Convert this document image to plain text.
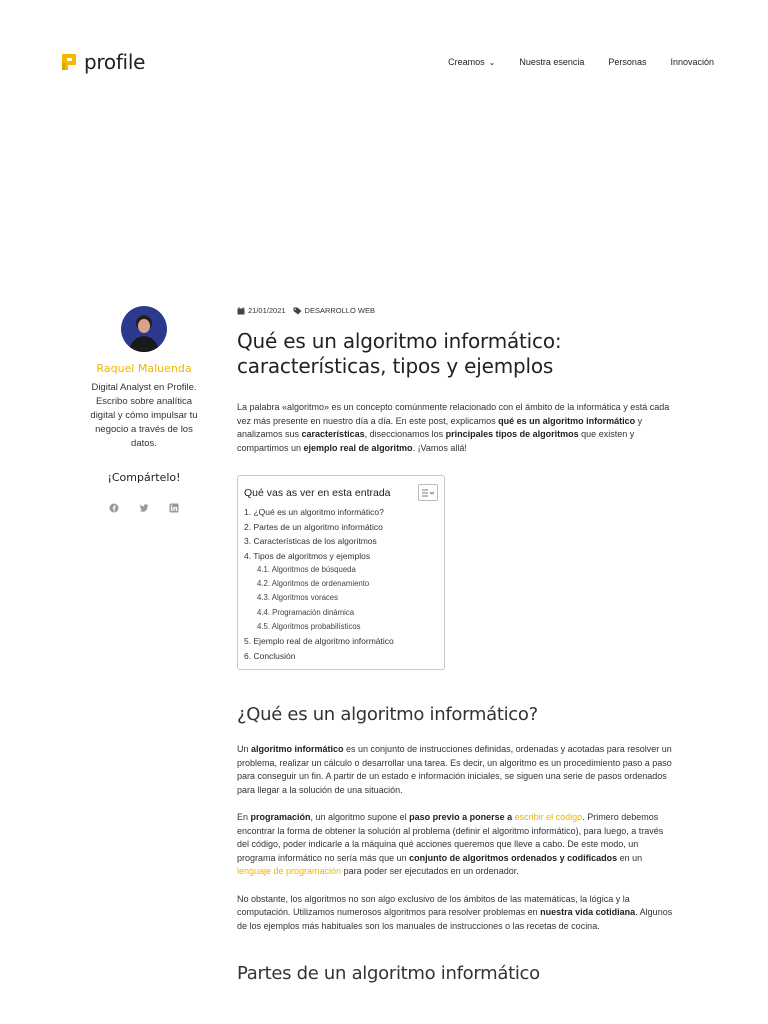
profile	Creamos ⌄	Nuestra esencia	Personas	Innovación
Raquel Maluenda
Digital Analyst en Profile. Escribo sobre analítica digital y cómo impulsar tu negocio a través de los datos.
¡Compártelo!
21/01/2021	DESARROLLO WEB
Qué es un algoritmo informático: características, tipos y ejemplos

La palabra «algoritmo» es un concepto comúnmente relacionado con el ámbito de la informática y está cada vez más presente en nuestro día a día. En este post, explicamos qué es un algoritmo informático y analizamos sus características, diseccionamos los principales tipos de algoritmos que existen y compartimos un ejemplo real de algoritmo. ¡Vamos allá!

Qué vas as ver en esta entrada
1. ¿Qué es un algoritmo informático?
2. Partes de un algoritmo informático
3. Características de los algoritmos
4. Tipos de algoritmos y ejemplos
4.1. Algoritmos de búsqueda
4.2. Algoritmos de ordenamiento
4.3. Algoritmos voraces
4.4. Programación dinámica
4.5. Algoritmos probabilísticos
5. Ejemplo real de algoritmo informático
6. Conclusión
¿Qué es un algoritmo informático?

Un algoritmo informático es un conjunto de instrucciones definidas, ordenadas y acotadas para resolver un problema, realizar un cálculo o desarrollar una tarea. Es decir, un algoritmo es un procedimiento paso a paso para conseguir un fin. A partir de un estado e información iniciales, se siguen una serie de pasos ordenados para llegar a la solución de una situación.

En programación, un algoritmo supone el paso previo a ponerse a escribir el código. Primero debemos encontrar la forma de obtener la solución al problema (definir el algoritmo informático), para luego, a través del código, poder indicarle a la máquina qué acciones queremos que lleve a cabo. De este modo, un programa informático no sería más que un conjunto de algoritmos ordenados y codificados en un lenguaje de programación para poder ser ejecutados en un ordenador.

No obstante, los algoritmos no son algo exclusivo de los ámbitos de las matemáticas, la lógica y la computación. Utilizamos numerosos algoritmos para resolver problemas en nuestra vida cotidiana. Algunos de los ejemplos más habituales son los manuales de instrucciones o las recetas de cocina.

Partes de un algoritmo informático
